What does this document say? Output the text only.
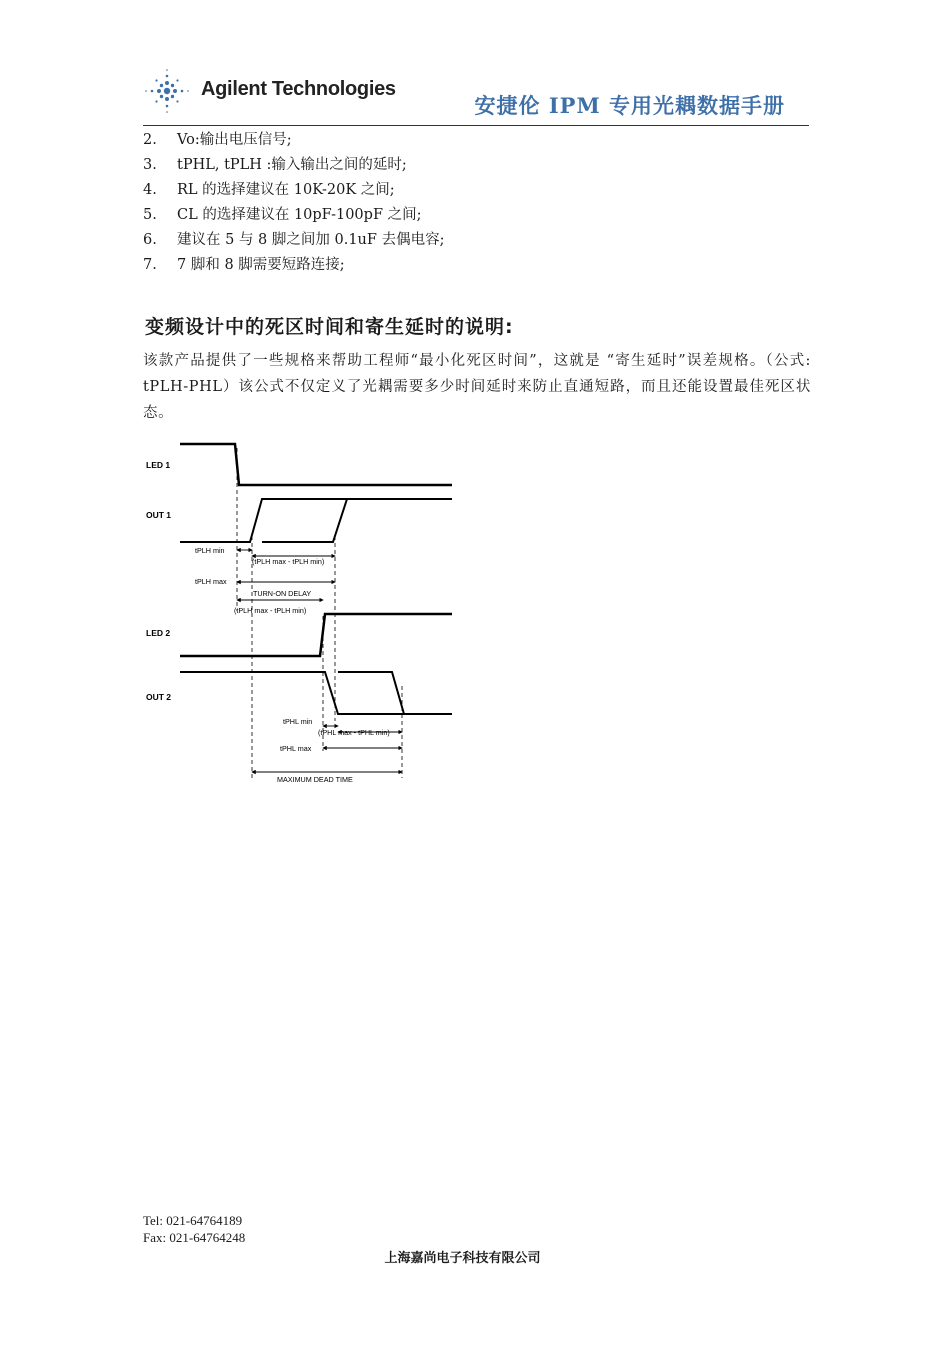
Agilent Technologies
安捷伦 IPM 专用光耦数据手册
2.	Vo:输出电压信号;
3.	tPHL, tPLH :输入输出之间的延时;
4.	RL 的选择建议在 10K-20K 之间;
5.	CL 的选择建议在 10pF-100pF 之间;
6.	建议在 5 与 8 脚之间加 0.1uF 去偶电容;
7.	7 脚和 8 脚需要短路连接;
变频设计中的死区时间和寄生延时的说明:

该款产品提供了一些规格来帮助工程师“最小化死区时间”，这就是 “寄生延时”误差规格。（公式: tPLH-PHL）该公式不仅定义了光耦需要多少时间延时来防止直通短路，而且还能设置最佳死区状态。

LED 1
OUT 1
LED 2
OUT 2
tPLH min
(tPLH max - tPLH min)
tPLH max
TURN-ON DELAY
(tPLH max - tPLH min)
tPHL min
(tPHL max - tPHL min)
tPHL max
MAXIMUM DEAD TIME
Tel: 021-64764189
Fax: 021-64764248
上海嘉尚电子科技有限公司
